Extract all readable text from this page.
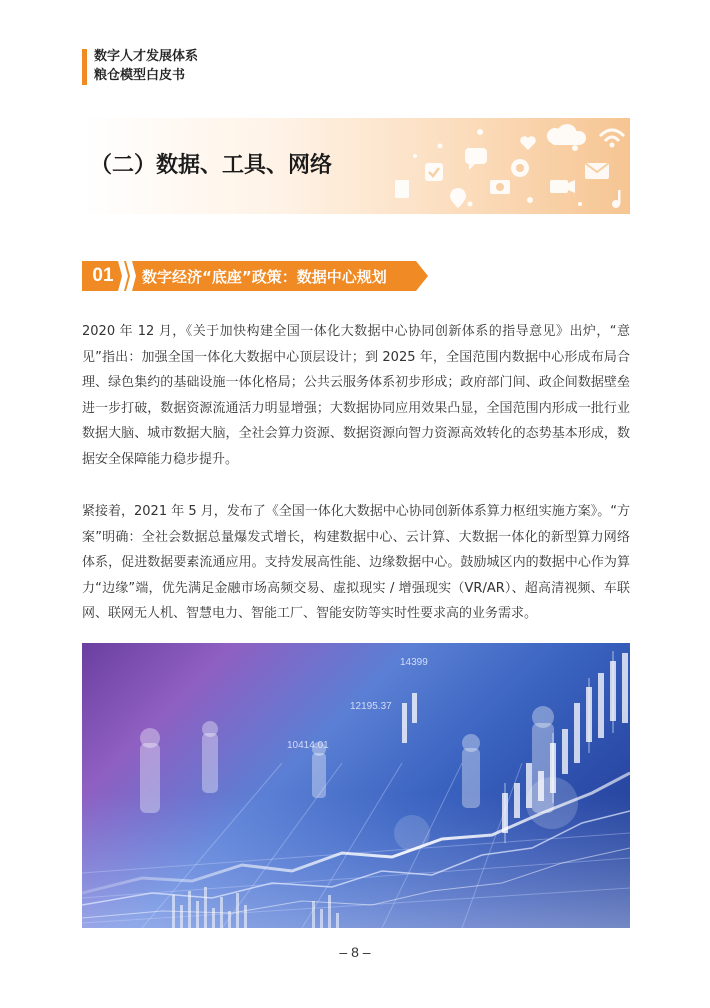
数字人才发展体系
粮仓模型白皮书
（二）数据、工具、网络
01	数字经济“底座”政策：数据中心规划

2020 年 12 月，《关于加快构建全国一体化大数据中心协同创新体系的指导意见》出炉，“意见”指出：加强全国一体化大数据中心顶层设计；到 2025 年，全国范围内数据中心形成布局合理、绿色集约的基础设施一体化格局；公共云服务体系初步形成；政府部门间、政企间数据壁垒进一步打破，数据资源流通活力明显增强；大数据协同应用效果凸显，全国范围内形成一批行业数据大脑、城市数据大脑，全社会算力资源、数据资源向智力资源高效转化的态势基本形成，数据安全保障能力稳步提升。

紧接着，2021 年 5 月，发布了《全国一体化大数据中心协同创新体系算力枢纽实施方案》。“方案”明确：全社会数据总量爆发式增长，构建数据中心、云计算、大数据一体化的新型算力网络体系，促进数据要素流通应用。支持发展高性能、边缘数据中心。鼓励城区内的数据中心作为算力“边缘”端，优先满足金融市场高频交易、虚拟现实 / 增强现实（VR/AR）、超高清视频、车联网、联网无人机、智慧电力、智能工厂、智能安防等实时性要求高的业务需求。

14399
12195.37
10414.01
– 8 –
